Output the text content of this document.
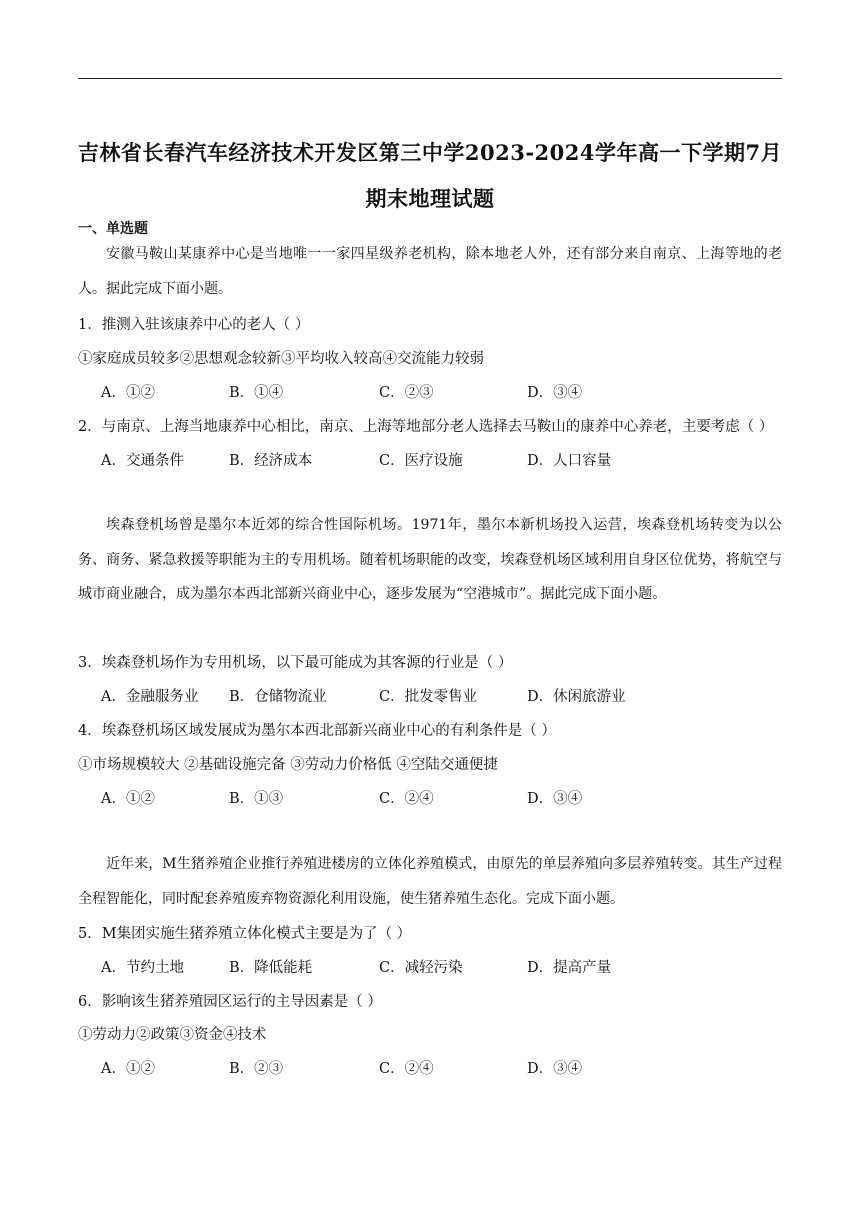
吉林省长春汽车经济技术开发区第三中学2023-2024学年高一下学期7月
期末地理试题
一、单选题

安徽马鞍山某康养中心是当地唯一一家四星级养老机构，除本地老人外，还有部分来自南京、上海等地的老人。据此完成下面小题。

1．推测入驻该康养中心的老人（ ）
①家庭成员较多②思想观念较新③平均收入较高④交流能力较弱
A．①②	B．①④	C．②③	D．③④
2．与南京、上海当地康养中心相比，南京、上海等地部分老人选择去马鞍山的康养中心养老，主要考虑（ ）
A．交通条件	B．经济成本	C．医疗设施	D．人口容量

埃森登机场曾是墨尔本近郊的综合性国际机场。1971年，墨尔本新机场投入运营，埃森登机场转变为以公务、商务、紧急救援等职能为主的专用机场。随着机场职能的改变，埃森登机场区域利用自身区位优势，将航空与城市商业融合，成为墨尔本西北部新兴商业中心，逐步发展为“空港城市”。据此完成下面小题。

3．埃森登机场作为专用机场，以下最可能成为其客源的行业是（ ）
A．金融服务业 B．仓储物流业	C．批发零售业	D．休闲旅游业
4．埃森登机场区域发展成为墨尔本西北部新兴商业中心的有利条件是（ ）
①市场规模较大 ②基础设施完备 ③劳动力价格低 ④空陆交通便捷
A．①②	B．①③	C．②④	D．③④

近年来，M生猪养殖企业推行养殖进楼房的立体化养殖模式，由原先的单层养殖向多层养殖转变。其生产过程全程智能化，同时配套养殖废弃物资源化利用设施，使生猪养殖生态化。完成下面小题。

5．M集团实施生猪养殖立体化模式主要是为了（ ）
A．节约土地	B．降低能耗	C．减轻污染	D．提高产量
6．影响该生猪养殖园区运行的主导因素是（ ）
①劳动力②政策③资金④技术
A．①②	B．②③	C．②④	D．③④
